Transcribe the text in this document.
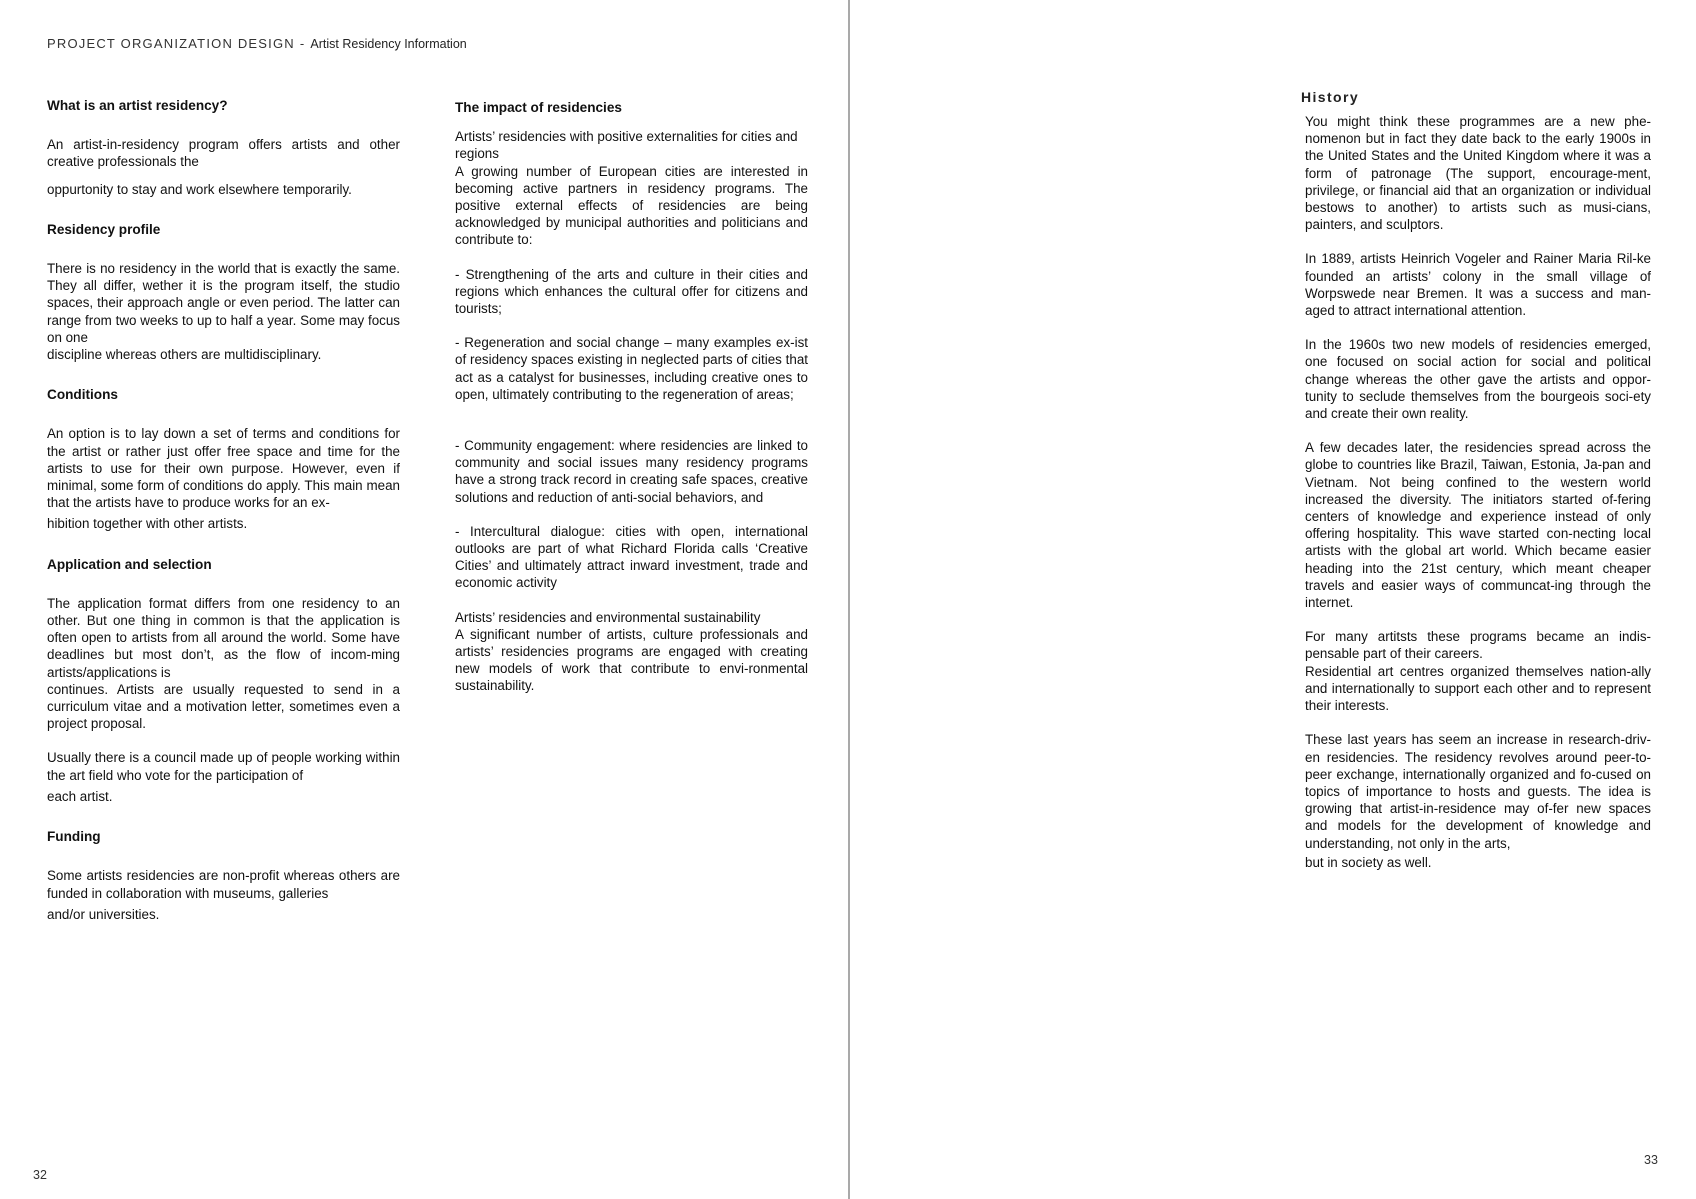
PROJECT ORGANIZATION DESIGN - Artist Residency Information
What is an artist residency?
An artist-in-residency program offers artists and other creative professionals the
oppurtonity to stay and work elsewhere temporarily.
Residency profile
There is no residency in the world that is exactly the same. They all differ, wether it is the program itself, the studio spaces, their approach angle or even period. The latter can range from two weeks to up to half a year. Some may focus on one
discipline whereas others are multidisciplinary.
Conditions
An option is to lay down a set of terms and conditions for the artist or rather just offer free space and time for the artists to use for their own purpose. However, even if minimal, some form of conditions do apply. This main mean that the artists have to produce works for an ex-
hibition together with other artists.
Application and selection
The application format differs from one residency to an other. But one thing in common is that the application is often open to artists from all around the world. Some have deadlines but most don’t, as the flow of incom-ming artists/applications is
continues. Artists are usually requested to send in a curriculum vitae and a motivation letter, sometimes even a project proposal.
Usually there is a council made up of people working within the art field who vote for the participation of
each artist.
Funding
Some artists residencies are non-profit whereas others are funded in collaboration with museums, galleries
and/or universities.
The impact of residencies
Artists’ residencies with positive externalities for cities and regions
A growing number of European cities are interested in becoming active partners in residency programs. The positive external effects of residencies are being acknowledged by municipal authorities and politicians and contribute to:
- Strengthening of the arts and culture in their cities and regions which enhances the cultural offer for citizens and tourists;
- Regeneration and social change – many examples ex-ist of residency spaces existing in neglected parts of cities that act as a catalyst for businesses, including creative ones to open, ultimately contributing to the regeneration of areas;
- Community engagement: where residencies are linked to community and social issues many residency programs have a strong track record in creating safe spaces, creative solutions and reduction of anti-social behaviors, and
- Intercultural dialogue: cities with open, international outlooks are part of what Richard Florida calls ‘Creative Cities’ and ultimately attract inward investment, trade and economic activity
Artists’ residencies and environmental sustainability
A significant number of artists, culture professionals and artists’ residencies programs are engaged with creating new models of work that contribute to envi-ronmental sustainability.
32
History
You might think these programmes are a new phe-nomenon but in fact they date back to the early 1900s in the United States and the United Kingdom where it was a form of patronage (The support, encourage-ment, privilege, or financial aid that an organization or individual bestows to another) to artists such as musi-cians, painters, and sculptors.
In 1889, artists Heinrich Vogeler and Rainer Maria Ril-ke founded an artists’ colony in the small village of Worpswede near Bremen. It was a success and man-aged to attract international attention.
In the 1960s two new models of residencies emerged, one focused on social action for social and political change whereas the other gave the artists and oppor-tunity to seclude themselves from the bourgeois soci-ety and create their own reality.
A few decades later, the residencies spread across the globe to countries like Brazil, Taiwan, Estonia, Ja-pan and Vietnam. Not being confined to the western world increased the diversity. The initiators started of-fering centers of knowledge and experience instead of only offering hospitality. This wave started con-necting local artists with the global art world. Which became easier heading into the 21st century, which meant cheaper travels and easier ways of communcat-ing through the internet.
For many artitsts these programs became an indis-pensable part of their careers.
Residential art centres organized themselves nation-ally and internationally to support each other and to represent their interests.
These last years has seem an increase in research-driv-en residencies. The residency revolves around peer-to-peer exchange, internationally organized and fo-cused on topics of importance to hosts and guests. The idea is growing that artist-in-residence may of-fer new spaces and models for the development of knowledge and understanding, not only in the arts,
but in society as well.
33
